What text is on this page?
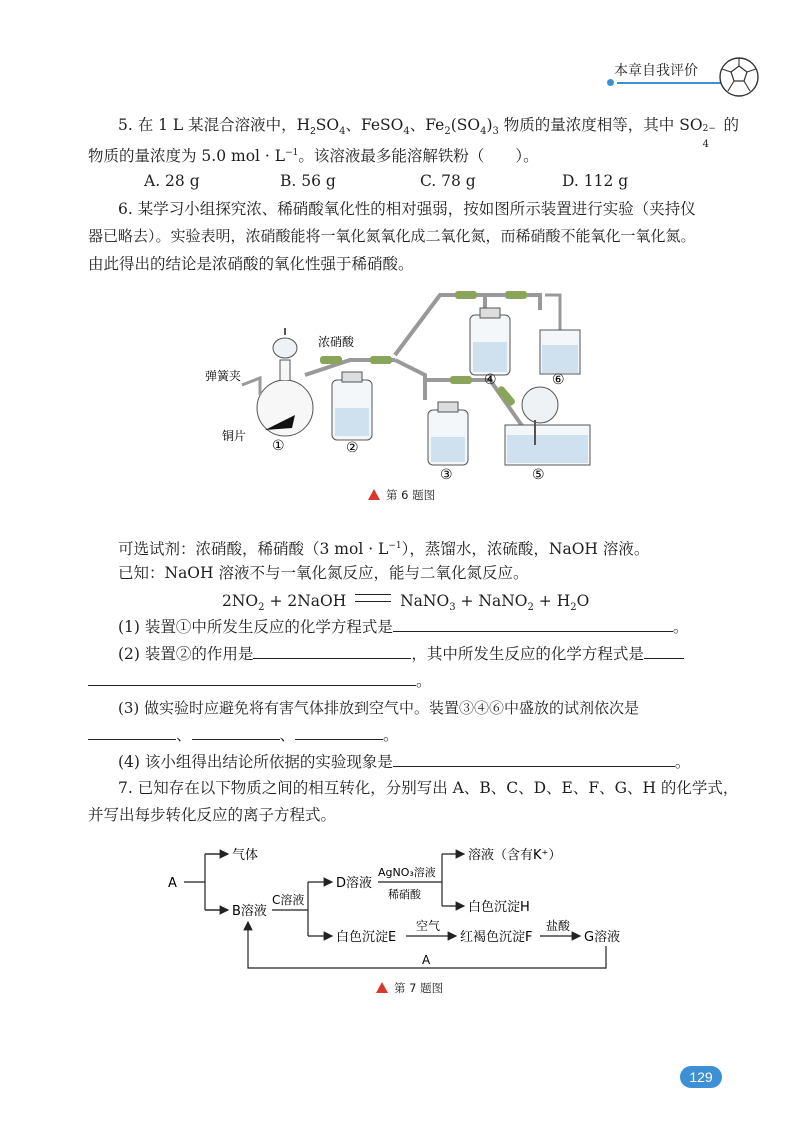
本章自我评价
5. 在 1 L 某混合溶液中，$H_2SO_4$、FeSO$_4$、$Fe_2(SO_4)_3$ 物质的量浓度相等，其中 SO 2−
4
的
物质的量浓度为 5.0 mol · $L^{-1}$。该溶液最多能溶解铁粉（　　）。
A. 28 g	B. 56 g	C. 78 g	D. 112 g
6. 某学习小组探究浓、稀硝酸氧化性的相对强弱，按如图所示装置进行实验（夹持仪
器已略去）。实验表明，浓硝酸能将一氧化氮氧化成二氧化氮，而稀硝酸不能氧化一氧化氮。
由此得出的结论是浓硝酸的氧化性强于稀硝酸。
浓硝酸
弹簧夹
铜片
①	②
④	⑥
③	⑤
第 6 题图
可选试剂：浓硝酸，稀硝酸（3 mol · $L^{-1}$），蒸馏水，浓硫酸，NaOH 溶液。
已知：NaOH 溶液不与一氧化氮反应，能与二氧化氮反应。
$2NO_2$ + 2NaOH	NaNO$_3$ + NaNO$_2$ + $H_2O$
(1) 装置①中所发生反应的化学方程式是	。
(2) 装置②的作用是	，其中所发生反应的化学方程式是
。
(3) 做实验时应避免将有害气体排放到空气中。装置③④⑥中盛放的试剂依次是
、	、	。
(4) 该小组得出结论所依据的实验现象是	。
7. 已知存在以下物质之间的相互转化，分别写出 A、B、C、D、E、F、G、H 的化学式，
并写出每步转化反应的离子方程式。
A
气体
B溶液
C溶液
D溶液
AgNO₃溶液
稀硝酸
溶液（含有K⁺）
白色沉淀H
白色沉淀E
空气
红褐色沉淀F
盐酸
G溶液
A
第 7 题图
129
